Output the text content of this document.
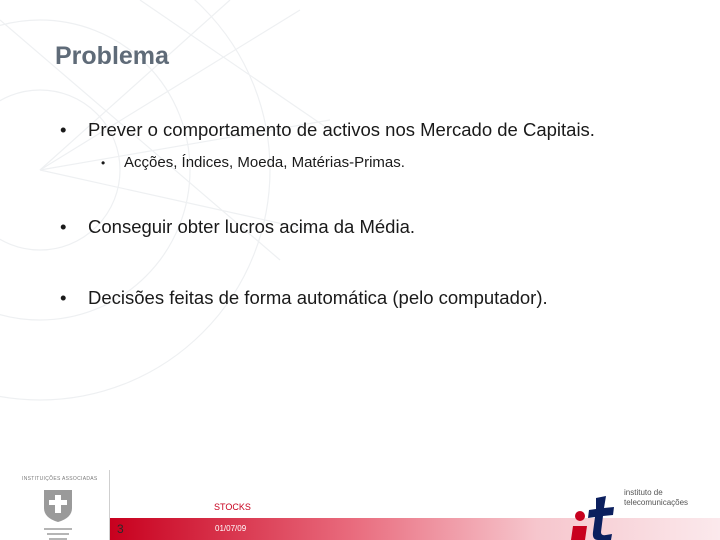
Problema
• Prever o comportamento de activos nos Mercado de Capitais.
• Acções, Índices, Moeda, Matérias-Primas.
• Conseguir obter lucros acima da Média.
• Decisões feitas de forma automática (pelo computador).
INSTITUIÇÕES ASSOCIADAS
3
STOCKS
01/07/09
instituto de
telecomunicações
